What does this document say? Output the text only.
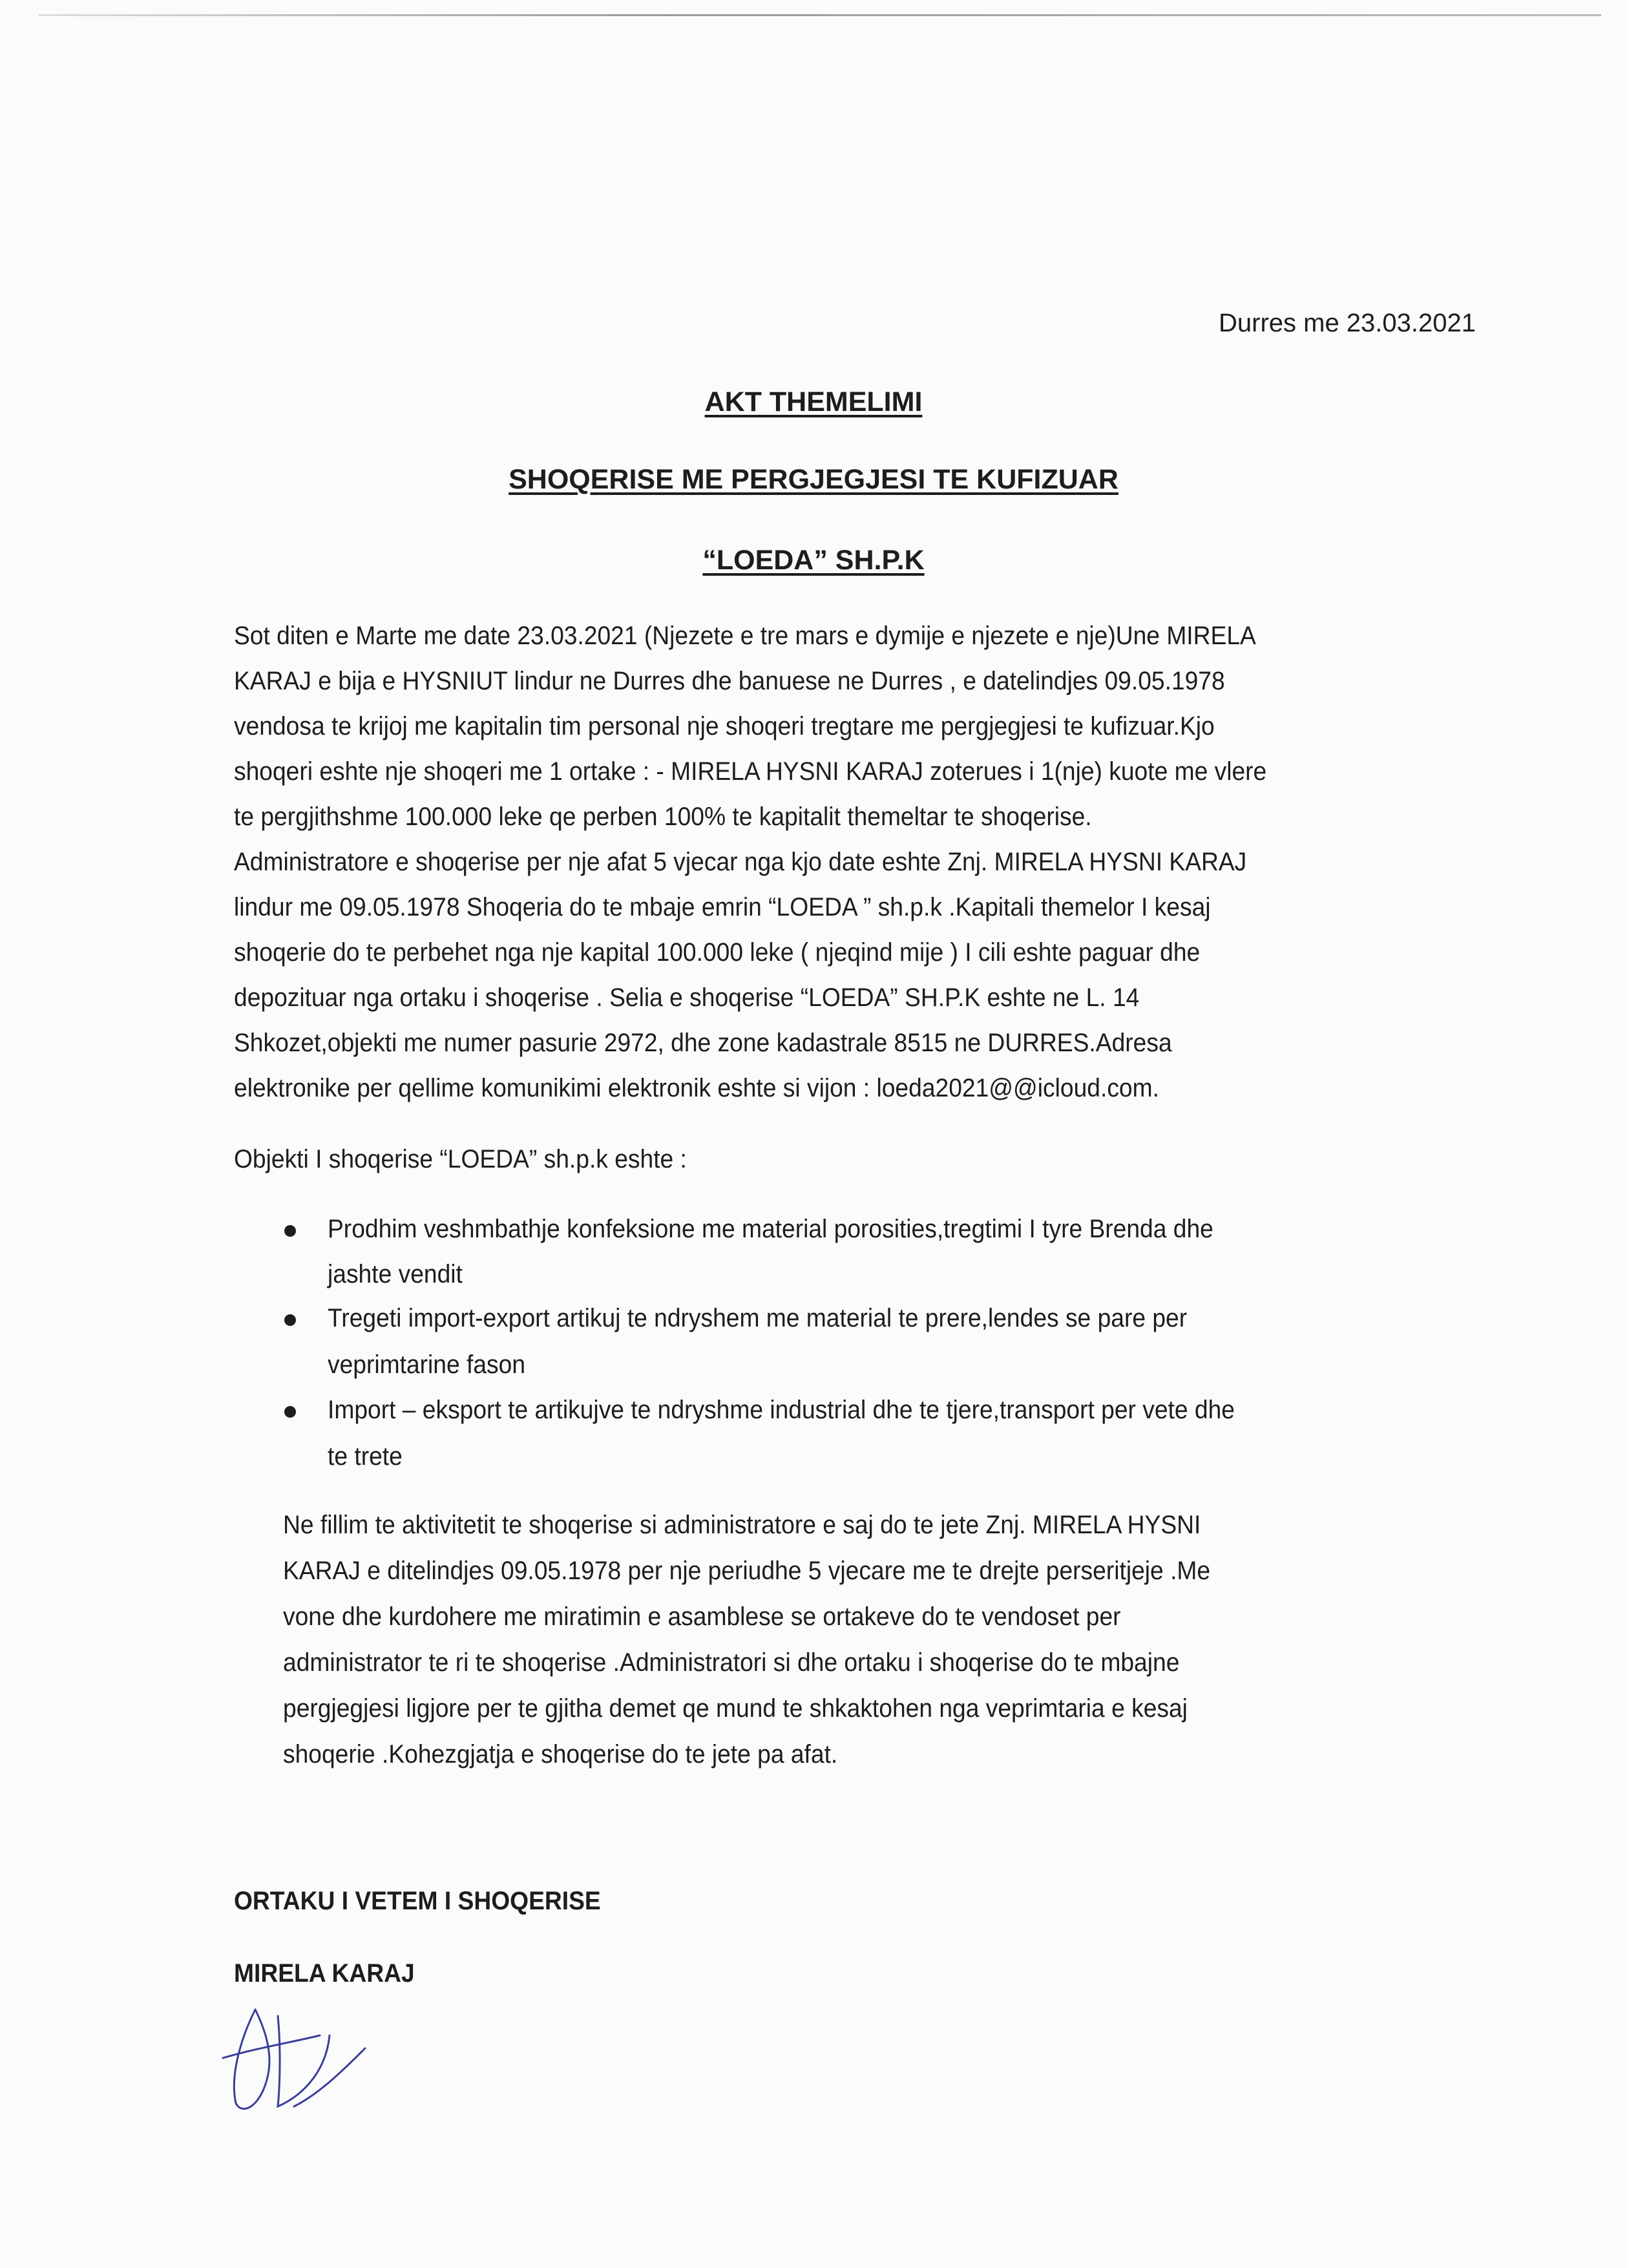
Durres me 23.03.2021
AKT THEMELIMI
SHOQERISE ME PERGJEGJESI TE KUFIZUAR
“LOEDA” SH.P.K
Sot diten e Marte me date 23.03.2021 (Njezete e tre mars e dymije e njezete e nje)Une MIRELA
KARAJ e bija e HYSNIUT lindur ne Durres dhe banuese ne Durres , e datelindjes 09.05.1978
vendosa te krijoj me kapitalin tim personal nje shoqeri tregtare me pergjegjesi te kufizuar.Kjo
shoqeri eshte nje shoqeri me 1 ortake : - MIRELA HYSNI KARAJ zoterues i 1(nje) kuote me vlere
te pergjithshme 100.000 leke qe perben 100% te kapitalit themeltar te shoqerise.
Administratore e shoqerise per nje afat 5 vjecar nga kjo date eshte Znj. MIRELA HYSNI KARAJ
lindur me 09.05.1978 Shoqeria do te mbaje emrin “LOEDA ” sh.p.k .Kapitali themelor I kesaj
shoqerie do te perbehet nga nje kapital 100.000 leke ( njeqind mije ) I cili eshte paguar dhe
depozituar nga ortaku i shoqerise . Selia e shoqerise “LOEDA” SH.P.K eshte ne L. 14
Shkozet,objekti me numer pasurie 2972, dhe zone kadastrale 8515 ne DURRES.Adresa
elektronike per qellime komunikimi elektronik eshte si vijon : loeda2021@@icloud.com.
Objekti I shoqerise “LOEDA” sh.p.k eshte :
Prodhim veshmbathje konfeksione me material porosities,tregtimi I tyre Brenda dhe
jashte vendit
Tregeti import-export artikuj te ndryshem me material te prere,lendes se pare per
veprimtarine fason
Import – eksport te artikujve te ndryshme industrial dhe te tjere,transport per vete dhe
te trete
Ne fillim te aktivitetit te shoqerise si administratore e saj do te jete Znj. MIRELA HYSNI
KARAJ e ditelindjes 09.05.1978 per nje periudhe 5 vjecare me te drejte perseritjeje .Me
vone dhe kurdohere me miratimin e asamblese se ortakeve do te vendoset per
administrator te ri te shoqerise .Administratori si dhe ortaku i shoqerise do te mbajne
pergjegjesi ligjore per te gjitha demet qe mund te shkaktohen nga veprimtaria e kesaj
shoqerie .Kohezgjatja e shoqerise do te jete pa afat.
ORTAKU I VETEM I SHOQERISE
MIRELA KARAJ
